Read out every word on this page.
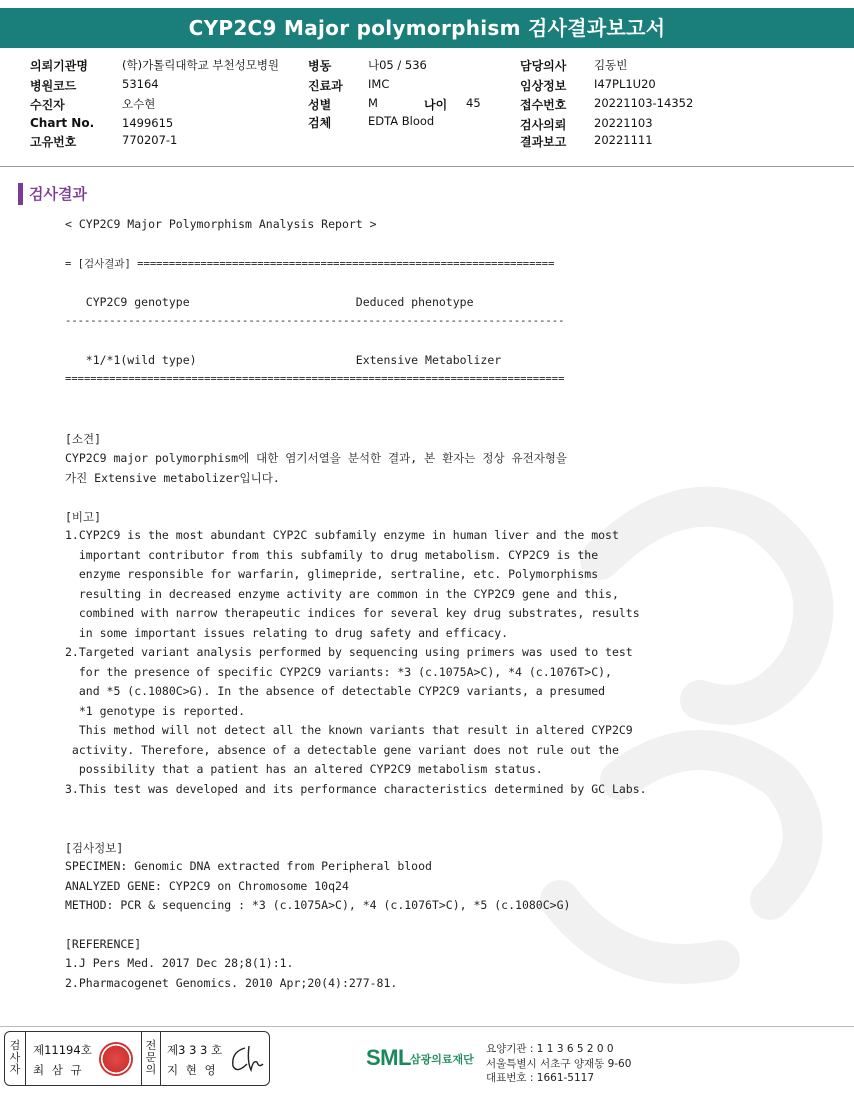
CYP2C9 Major polymorphism 검사결과보고서
의뢰기관명	(학)가톨릭대학교 부천성모병원
병원코드	53164
수진자	오수현
Chart No. 1499615
고유번호	770207-1
병동	나05 / 536
진료과 IMC
성별	M	나이 45
검체	EDTA Blood
담당의사 김동빈
임상정보 I47PL1U20
접수번호 20221103-14352
검사의뢰 20221103
결과보고 20221111
검사결과
< CYP2C9 Major Polymorphism Analysis Report >
= [검사결과] ==================================================================
CYP2C9 genotype                        Deduced phenotype
-------------------------------------------------------------------------------
*1/*1(wild type)                       Extensive Metabolizer
===============================================================================
[소견]
CYP2C9 major polymorphism에 대한 염기서열을 분석한 결과, 본 환자는 정상 유전자형을
가진 Extensive metabolizer입니다.
[비고]
1.CYP2C9 is the most abundant CYP2C subfamily enzyme in human liver and the most
important contributor from this subfamily to drug metabolism. CYP2C9 is the
enzyme responsible for warfarin, glimepride, sertraline, etc. Polymorphisms
resulting in decreased enzyme activity are common in the CYP2C9 gene and this,
combined with narrow therapeutic indices for several key drug substrates, results
in some important issues relating to drug safety and efficacy.
2.Targeted variant analysis performed by sequencing using primers was used to test
for the presence of specific CYP2C9 variants: *3 (c.1075A>C), *4 (c.1076T>C),
and *5 (c.1080C>G). In the absence of detectable CYP2C9 variants, a presumed
*1 genotype is reported.
This method will not detect all the known variants that result in altered CYP2C9
activity. Therefore, absence of a detectable gene variant does not rule out the
possibility that a patient has an altered CYP2C9 metabolism status.
3.This test was developed and its performance characteristics determined by GC Labs.
[검사정보]
SPECIMEN: Genomic DNA extracted from Peripheral blood
ANALYZED GENE: CYP2C9 on Chromosome 10q24
METHOD: PCR & sequencing : *3 (c.1075A>C), *4 (c.1076T>C), *5 (c.1080C>G)
[REFERENCE]
1.J Pers Med. 2017 Dec 28;8(1):1.
2.Pharmacogenet Genomics. 2010 Apr;20(4):277-81.
검사자
제11194호
최 삼 규
전문의
제3 3 3 호
지 현 영	SML 삼광의료재단
요양기관 : 1 1 3 6 5 2 0 0
서울특별시 서초구 양재동 9-60
대표번호 : 1661-5117
